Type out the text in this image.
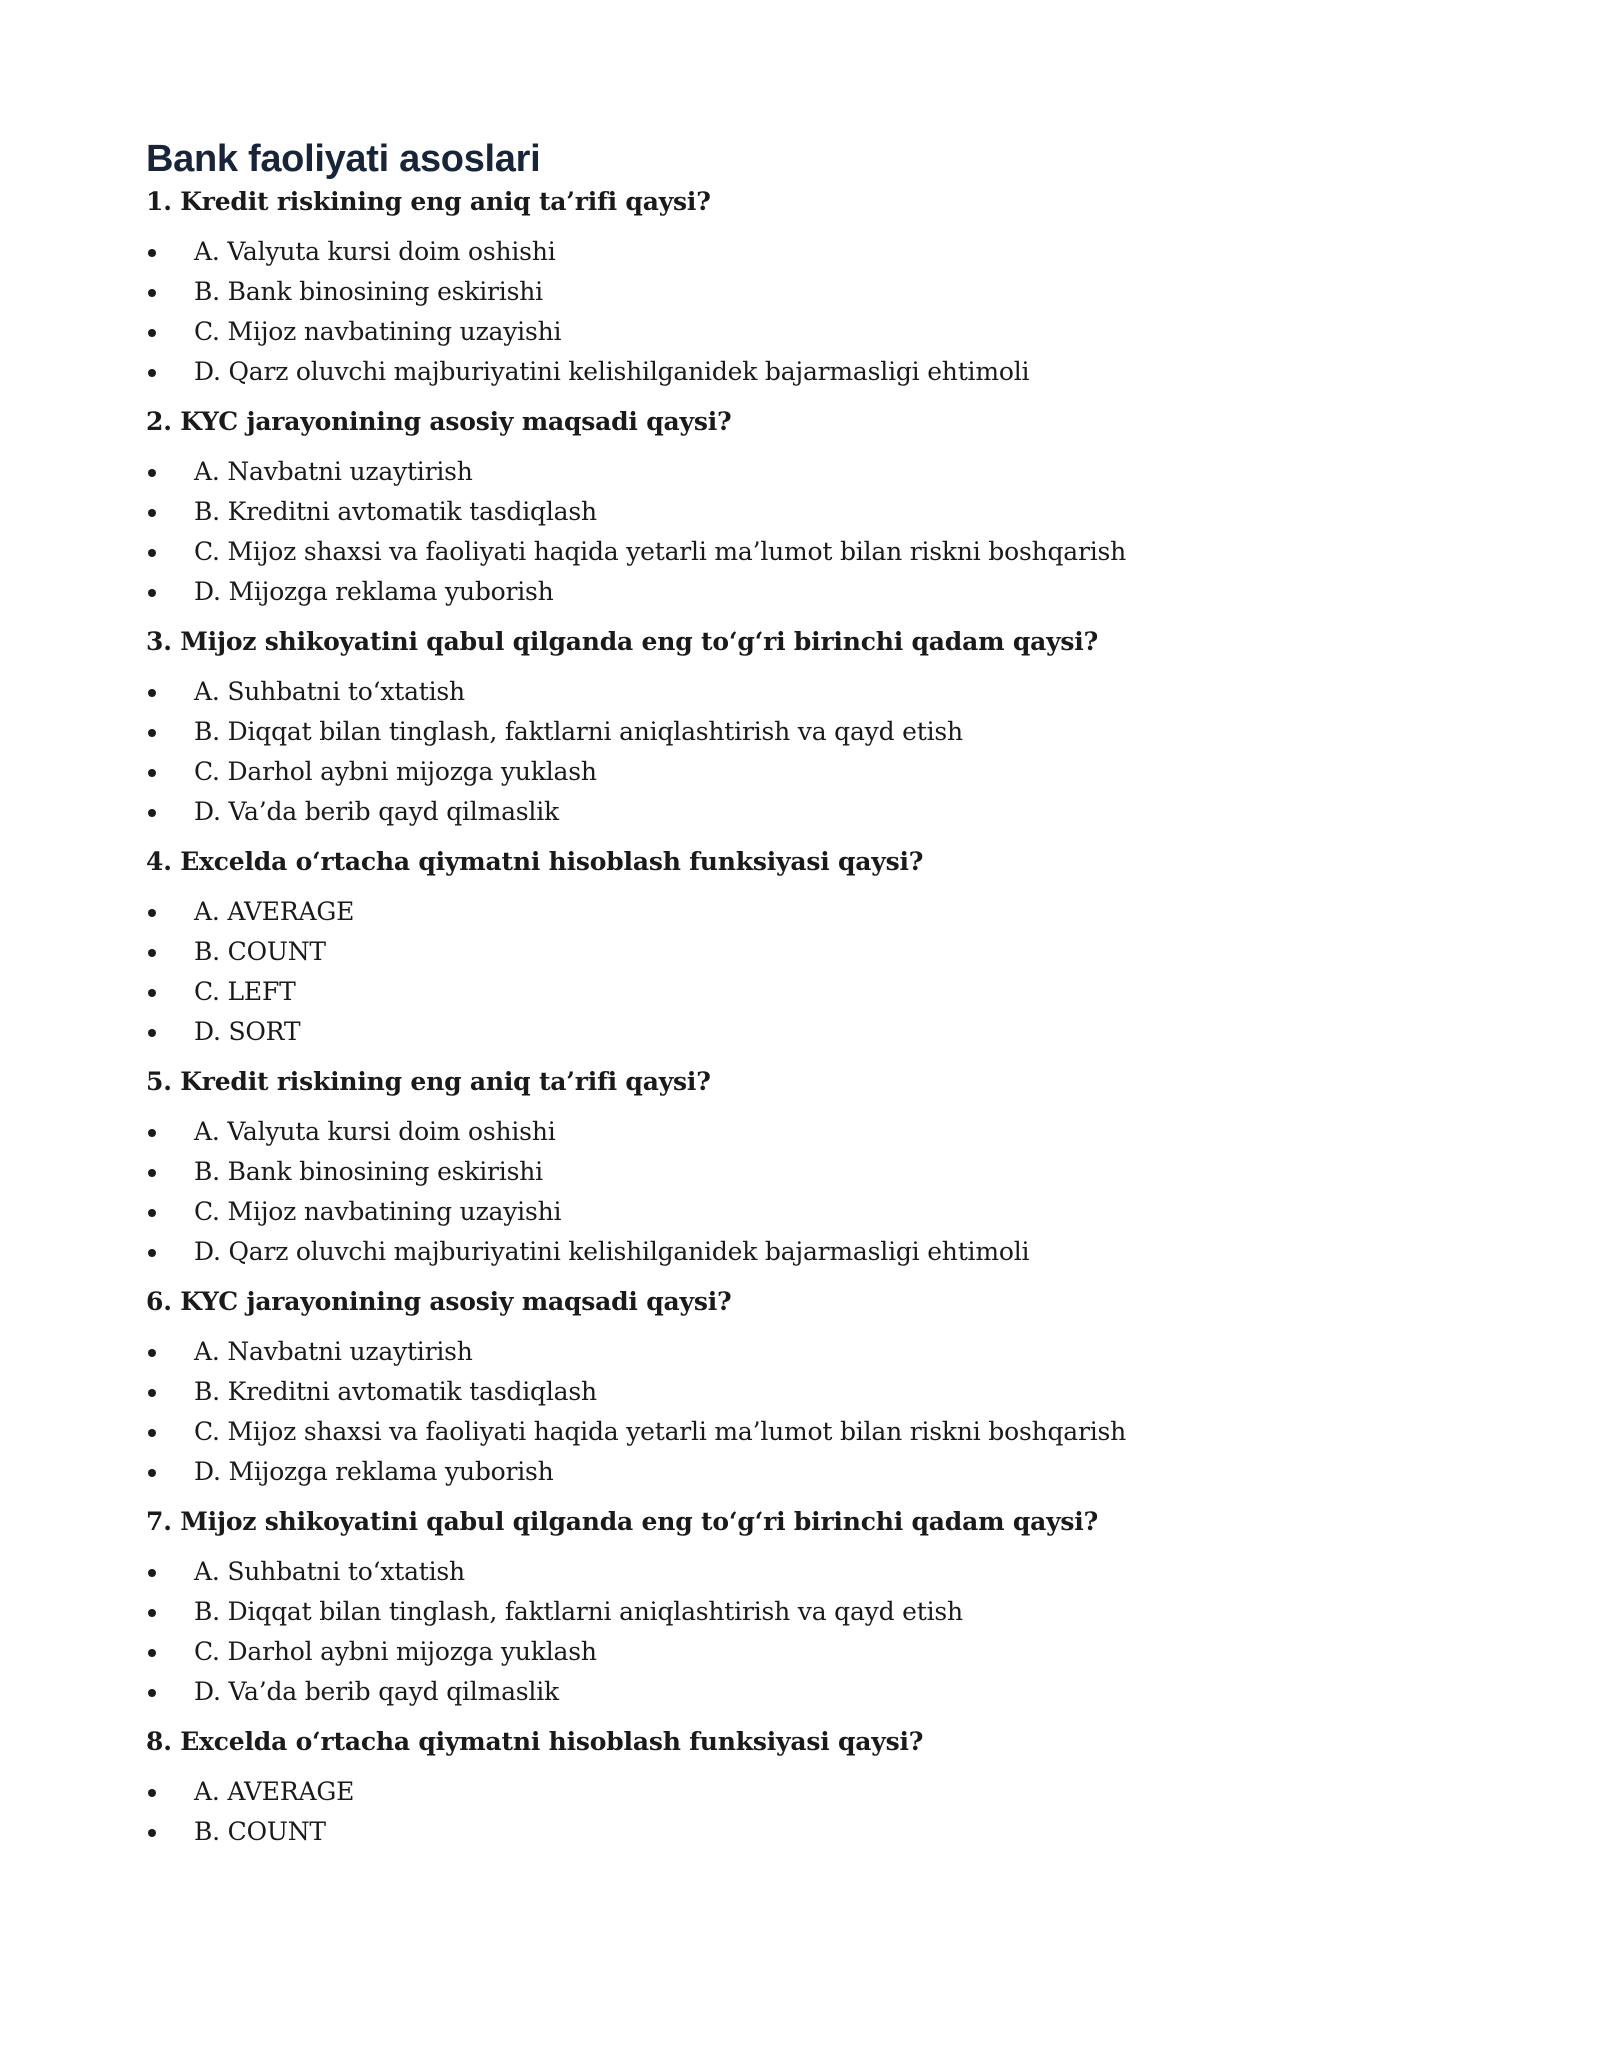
Bank faoliyati asoslari

1. Kredit riskining eng aniq ta’rifi qaysi?

A. Valyuta kursi doim oshishi
B. Bank binosining eskirishi
C. Mijoz navbatining uzayishi
D. Qarz oluvchi majburiyatini kelishilganidek bajarmasligi ehtimoli

2. KYC jarayonining asosiy maqsadi qaysi?

A. Navbatni uzaytirish
B. Kreditni avtomatik tasdiqlash
C. Mijoz shaxsi va faoliyati haqida yetarli ma’lumot bilan riskni boshqarish
D. Mijozga reklama yuborish

3. Mijoz shikoyatini qabul qilganda eng to‘g‘ri birinchi qadam qaysi?

A. Suhbatni to‘xtatish
B. Diqqat bilan tinglash, faktlarni aniqlashtirish va qayd etish
C. Darhol aybni mijozga yuklash
D. Va’da berib qayd qilmaslik

4. Excelda o‘rtacha qiymatni hisoblash funksiyasi qaysi?

A. AVERAGE
B. COUNT
C. LEFT
D. SORT

5. Kredit riskining eng aniq ta’rifi qaysi?

A. Valyuta kursi doim oshishi
B. Bank binosining eskirishi
C. Mijoz navbatining uzayishi
D. Qarz oluvchi majburiyatini kelishilganidek bajarmasligi ehtimoli

6. KYC jarayonining asosiy maqsadi qaysi?

A. Navbatni uzaytirish
B. Kreditni avtomatik tasdiqlash
C. Mijoz shaxsi va faoliyati haqida yetarli ma’lumot bilan riskni boshqarish
D. Mijozga reklama yuborish

7. Mijoz shikoyatini qabul qilganda eng to‘g‘ri birinchi qadam qaysi?

A. Suhbatni to‘xtatish
B. Diqqat bilan tinglash, faktlarni aniqlashtirish va qayd etish
C. Darhol aybni mijozga yuklash
D. Va’da berib qayd qilmaslik

8. Excelda o‘rtacha qiymatni hisoblash funksiyasi qaysi?

A. AVERAGE
B. COUNT
